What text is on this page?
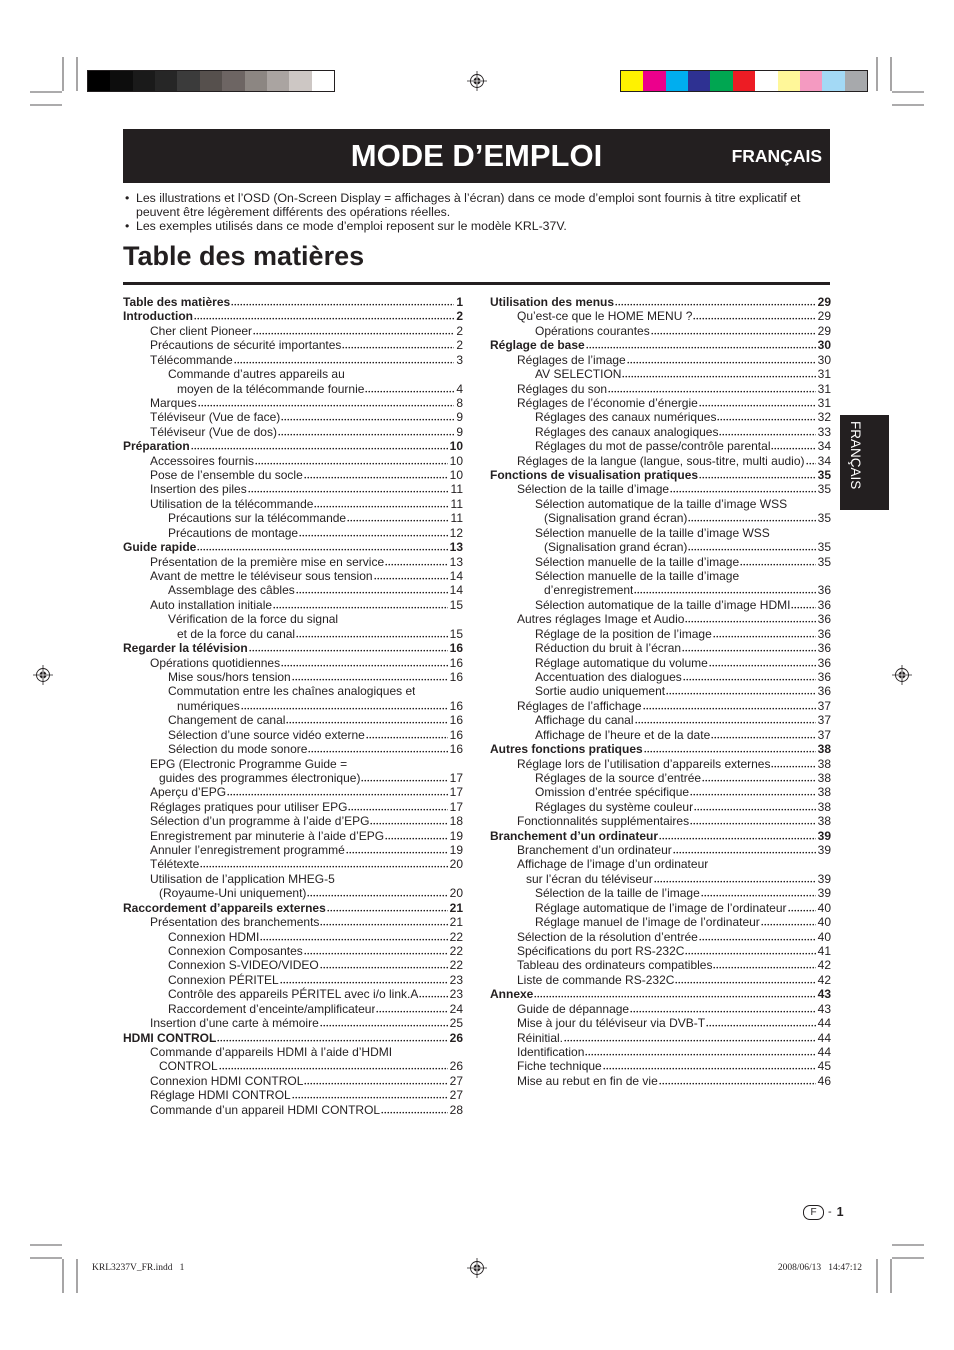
MODE D’EMPLOI	FRANÇAIS
• Les illustrations et l’OSD (On-Screen Display = affichages à l’écran) dans ce mode d’emploi sont fournis à titre explicatif et peuvent être légèrement différents des opérations réelles.
• Les exemples utilisés dans ce mode d’emploi reposent sur le modèle KRL-37V.
Table des matières
Table des matières	1
Introduction	2
Cher client Pioneer	2
Précautions de sécurité importantes	2
Télécommande	3
Commande d’autres appareils au
moyen de la télécommande fournie	4
Marques	8
Téléviseur (Vue de face)	9
Téléviseur (Vue de dos)	9
Préparation	10
Accessoires fournis	10
Pose de l’ensemble du socle	10
Insertion des piles	11
Utilisation de la télécommande	11
Précautions sur la télécommande	11
Précautions de montage	12
Guide rapide	13
Présentation de la première mise en service	13
Avant de mettre le téléviseur sous tension	14
Assemblage des câbles	14
Auto installation initiale	15
Vérification de la force du signal
et de la force du canal	15
Regarder la télévision	16
Opérations quotidiennes	16
Mise sous/hors tension	16
Commutation entre les chaînes analogiques et
numériques	16
Changement de canal	16
Sélection d’une source vidéo externe	16
Sélection du mode sonore	16
EPG (Electronic Programme Guide =
guides des programmes électronique)	17
Aperçu d’EPG	17
Réglages pratiques pour utiliser EPG	17
Sélection d’un programme à l’aide d’EPG	18
Enregistrement par minuterie à l’aide d’EPG	19
Annuler l’enregistrement programmé	19
Télétexte	20
Utilisation de l’application MHEG-5
(Royaume-Uni uniquement)	20
Raccordement d’appareils externes	21
Présentation des branchements	21
Connexion HDMI	22
Connexion Composantes	22
Connexion S-VIDEO/VIDEO	22
Connexion PÉRITEL	23
Contrôle des appareils PÉRITEL avec i/o link.A	23
Raccordement d’enceinte/amplificateur	24
Insertion d’une carte à mémoire	25
HDMI CONTROL	26
Commande d’appareils HDMI à l’aide d’HDMI
CONTROL	26
Connexion HDMI CONTROL	27
Réglage HDMI CONTROL	27
Commande d’un appareil HDMI CONTROL	28
Utilisation des menus	29
Qu’est-ce que le HOME MENU ?	29
Opérations courantes	29
Réglage de base	30
Réglages de l’image	30
AV SELECTION	31
Réglages du son	31
Réglages de l’économie d’énergie	31
Réglages des canaux numériques	32
Réglages des canaux analogiques	33
Réglages du mot de passe/contrôle parental	34
Réglages de la langue (langue, sous-titre, multi audio) 34
Fonctions de visualisation pratiques	35
Sélection de la taille d’image	35
Sélection automatique de la taille d’image WSS
(Signalisation grand écran)	35
Sélection manuelle de la taille d’image WSS
(Signalisation grand écran)	35
Sélection manuelle de la taille d’image	35
Sélection manuelle de la taille d’image
d’enregistrement	36
Sélection automatique de la taille d’image HDMI 36
Autres réglages Image et Audio	36
Réglage de la position de l’image	36
Réduction du bruit à l’écran	36
Réglage automatique du volume	36
Accentuation des dialogues	36
Sortie audio uniquement	36
Réglages de l’affichage	37
Affichage du canal	37
Affichage de l’heure et de la date	37
Autres fonctions pratiques	38
Réglage lors de l’utilisation d’appareils externes	38
Réglages de la source d’entrée	38
Omission d’entrée spécifique	38
Réglages du système couleur	38
Fonctionnalités supplémentaires	38
Branchement d’un ordinateur	39
Branchement d’un ordinateur	39
Affichage de l’image d’un ordinateur
sur l’écran du téléviseur	39
Sélection de la taille de l’image	39
Réglage automatique de l’image de l’ordinateur	40
Réglage manuel de l’image de l’ordinateur	40
Sélection de la résolution d’entrée	40
Spécifications du port RS-232C	41
Tableau des ordinateurs compatibles	42
Liste de commande RS-232C	42
Annexe	43
Guide de dépannage	43
Mise à jour du téléviseur via DVB-T	44
Réinitial.	44
Identification	44
Fiche technique	45
Mise au rebut en fin de vie	46
FRANÇAIS
F	- 1
KRL3237V_FR.indd   1	2008/06/13   14:47:12
